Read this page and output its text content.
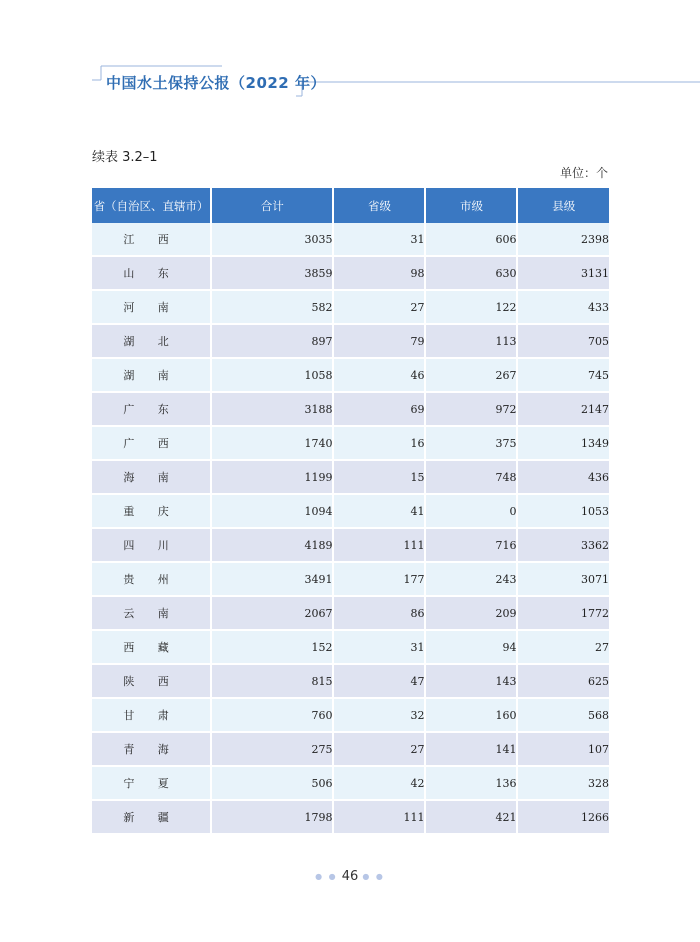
中国水土保持公报（2022 年）
续表 3.2–1
单位：个
省（自治区、直辖市）	合计	省级	市级	县级
江 西	3035	31	606	2398
山 东	3859	98	630	3131
河 南	582	27	122	433
湖 北	897	79	113	705
湖 南	1058	46	267	745
广 东	3188	69	972	2147
广 西	1740	16	375	1349
海 南	1199	15	748	436
重 庆	1094	41	0	1053
四 川	4189	111	716	3362
贵 州	3491	177	243	3071
云 南	2067	86	209	1772
西 藏	152	31	94	27
陕 西	815	47	143	625
甘 肃	760	32	160	568
青 海	275	27	141	107
宁 夏	506	42	136	328
新 疆	1798	111	421	1266
● ● 46 ● ●
